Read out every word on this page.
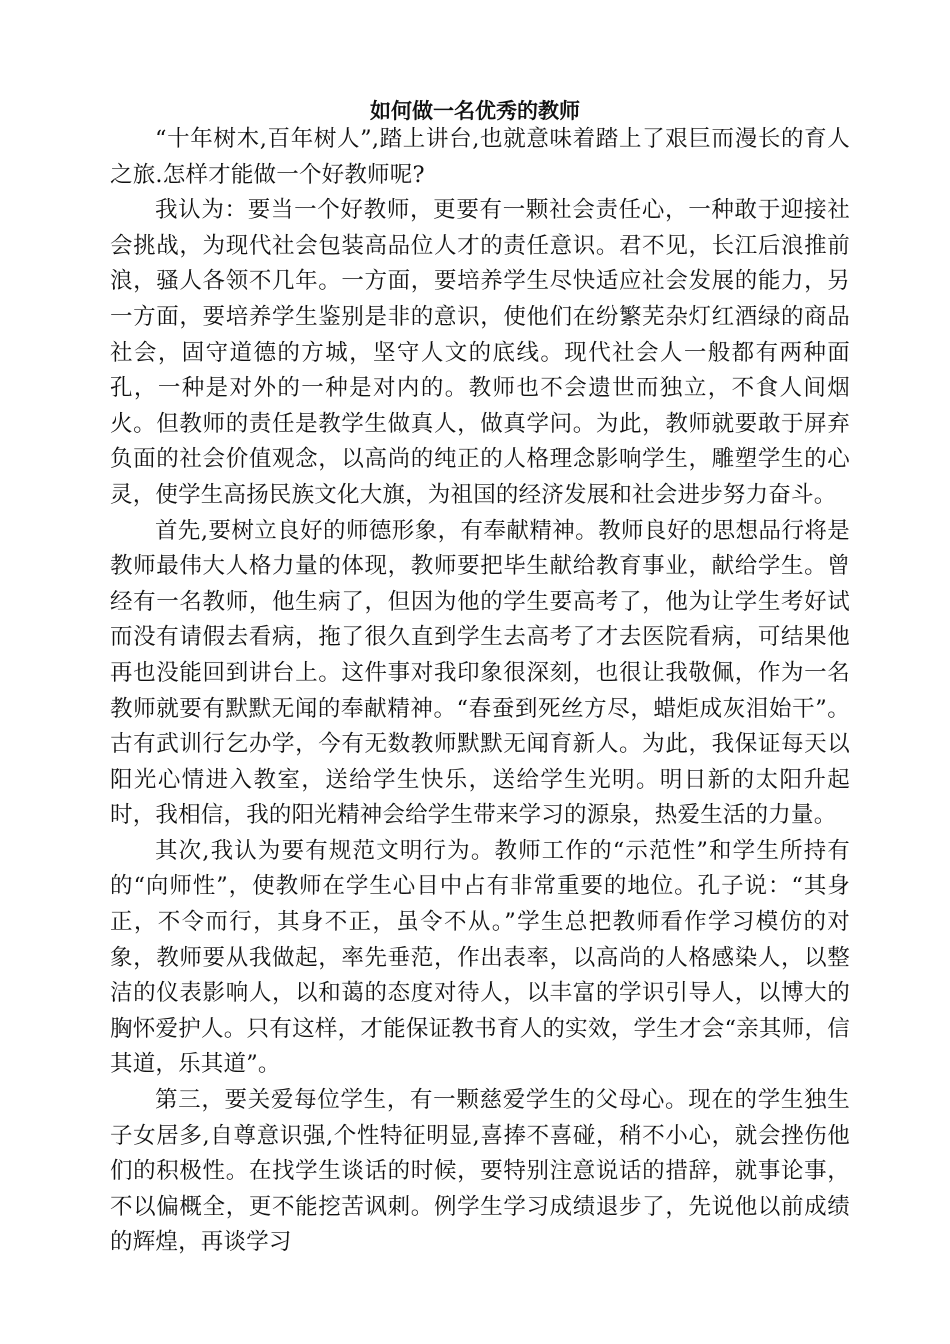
如何做一名优秀的教师

“十年树木,百年树人”,踏上讲台,也就意味着踏上了艰巨而漫长的育人之旅.怎样才能做一个好教师呢?

我认为：要当一个好教师，更要有一颗社会责任心，一种敢于迎接社会挑战，为现代社会包装高品位人才的责任意识。君不见，长江后浪推前浪，骚人各领不几年。一方面，要培养学生尽快适应社会发展的能力，另一方面，要培养学生鉴别是非的意识，使他们在纷繁芜杂灯红酒绿的商品社会，固守道德的方城，坚守人文的底线。现代社会人一般都有两种面孔，一种是对外的一种是对内的。教师也不会遗世而独立，不食人间烟火。但教师的责任是教学生做真人，做真学问。为此，教师就要敢于屏弃负面的社会价值观念，以高尚的纯正的人格理念影响学生，雕塑学生的心灵，使学生高扬民族文化大旗，为祖国的经济发展和社会进步努力奋斗。

首先,要树立良好的师德形象，有奉献精神。教师良好的思想品行将是教师最伟大人格力量的体现，教师要把毕生献给教育事业，献给学生。曾经有一名教师，他生病了，但因为他的学生要高考了，他为让学生考好试而没有请假去看病，拖了很久直到学生去高考了才去医院看病，可结果他再也没能回到讲台上。这件事对我印象很深刻，也很让我敬佩，作为一名教师就要有默默无闻的奉献精神。“春蚕到死丝方尽，蜡炬成灰泪始干”。古有武训行乞办学，今有无数教师默默无闻育新人。为此，我保证每天以阳光心情进入教室，送给学生快乐，送给学生光明。明日新的太阳升起时，我相信，我的阳光精神会给学生带来学习的源泉，热爱生活的力量。

其次,我认为要有规范文明行为。教师工作的“示范性”和学生所持有的“向师性”，使教师在学生心目中占有非常重要的地位。孔子说：“其身正，不令而行，其身不正，虽令不从。”学生总把教师看作学习模仿的对象，教师要从我做起，率先垂范，作出表率，以高尚的人格感染人，以整洁的仪表影响人，以和蔼的态度对待人，以丰富的学识引导人，以博大的胸怀爱护人。只有这样，才能保证教书育人的实效，学生才会“亲其师，信其道，乐其道”。

第三，要关爱每位学生，有一颗慈爱学生的父母心。现在的学生独生子女居多,自尊意识强,个性特征明显,喜捧不喜碰，稍不小心，就会挫伤他们的积极性。在找学生谈话的时候，要特别注意说话的措辞，就事论事，不以偏概全，更不能挖苦讽刺。例学生学习成绩退步了，先说他以前成绩的辉煌，再谈学习
